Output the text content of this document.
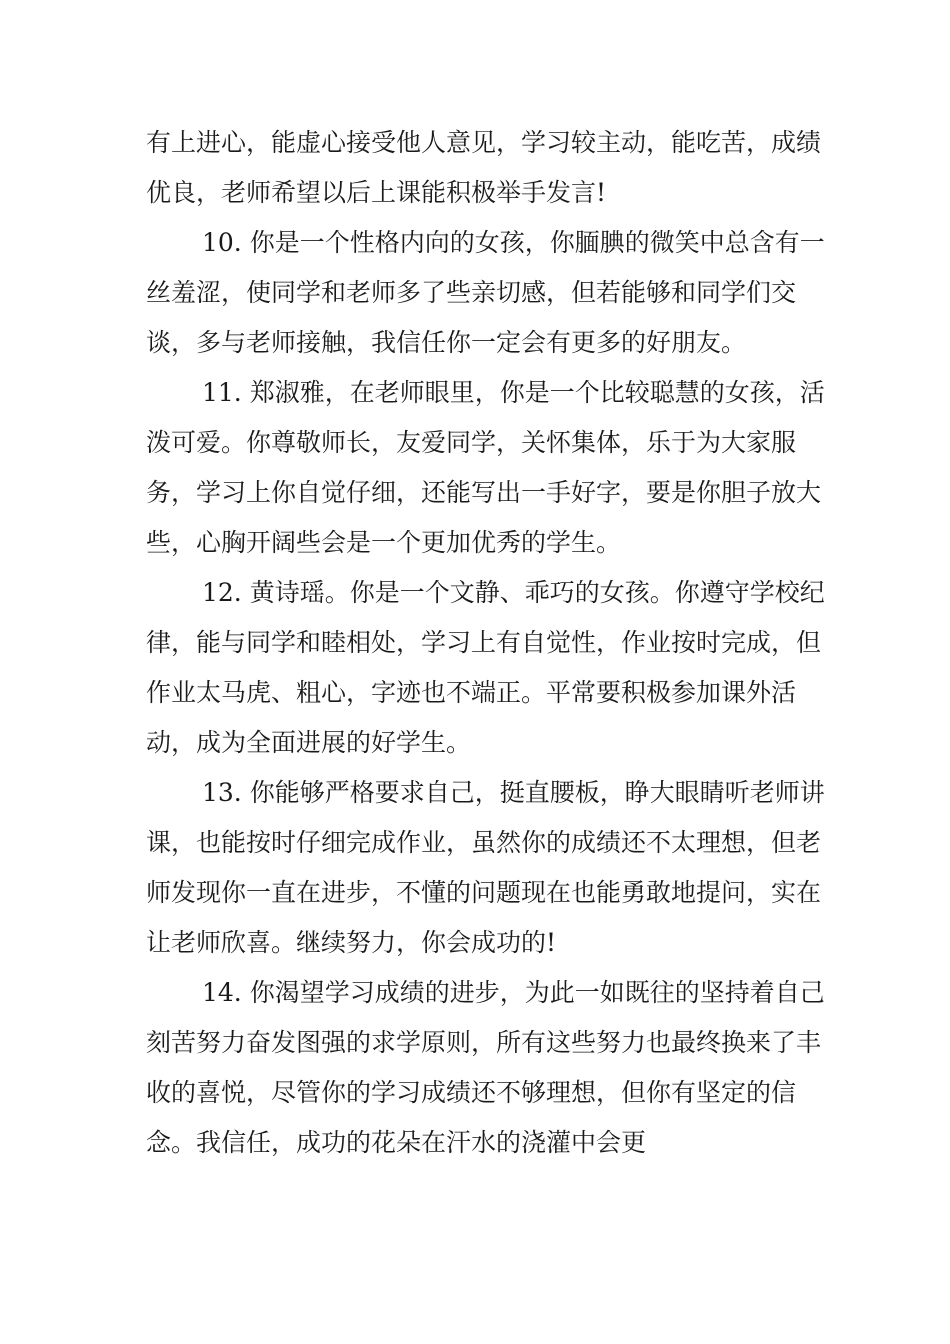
有上进心，能虚心接受他人意见，学习较主动，能吃苦，成绩优良，老师希望以后上课能积极举手发言!

10. 你是一个性格内向的女孩，你腼腆的微笑中总含有一丝羞涩，使同学和老师多了些亲切感，但若能够和同学们交谈，多与老师接触，我信任你一定会有更多的好朋友。

11. 郑淑雅，在老师眼里，你是一个比较聪慧的女孩，活泼可爱。你尊敬师长，友爱同学，关怀集体，乐于为大家服务，学习上你自觉仔细，还能写出一手好字，要是你胆子放大些，心胸开阔些会是一个更加优秀的学生。

12. 黄诗瑶。你是一个文静、乖巧的女孩。你遵守学校纪律，能与同学和睦相处，学习上有自觉性，作业按时完成，但作业太马虎、粗心，字迹也不端正。平常要积极参加课外活动，成为全面进展的好学生。

13. 你能够严格要求自己，挺直腰板，睁大眼睛听老师讲课，也能按时仔细完成作业，虽然你的成绩还不太理想，但老师发现你一直在进步，不懂的问题现在也能勇敢地提问，实在让老师欣喜。继续努力，你会成功的!

14. 你渴望学习成绩的进步，为此一如既往的坚持着自己刻苦努力奋发图强的求学原则，所有这些努力也最终换来了丰收的喜悦，尽管你的学习成绩还不够理想，但你有坚定的信念。我信任，成功的花朵在汗水的浇灌中会更
